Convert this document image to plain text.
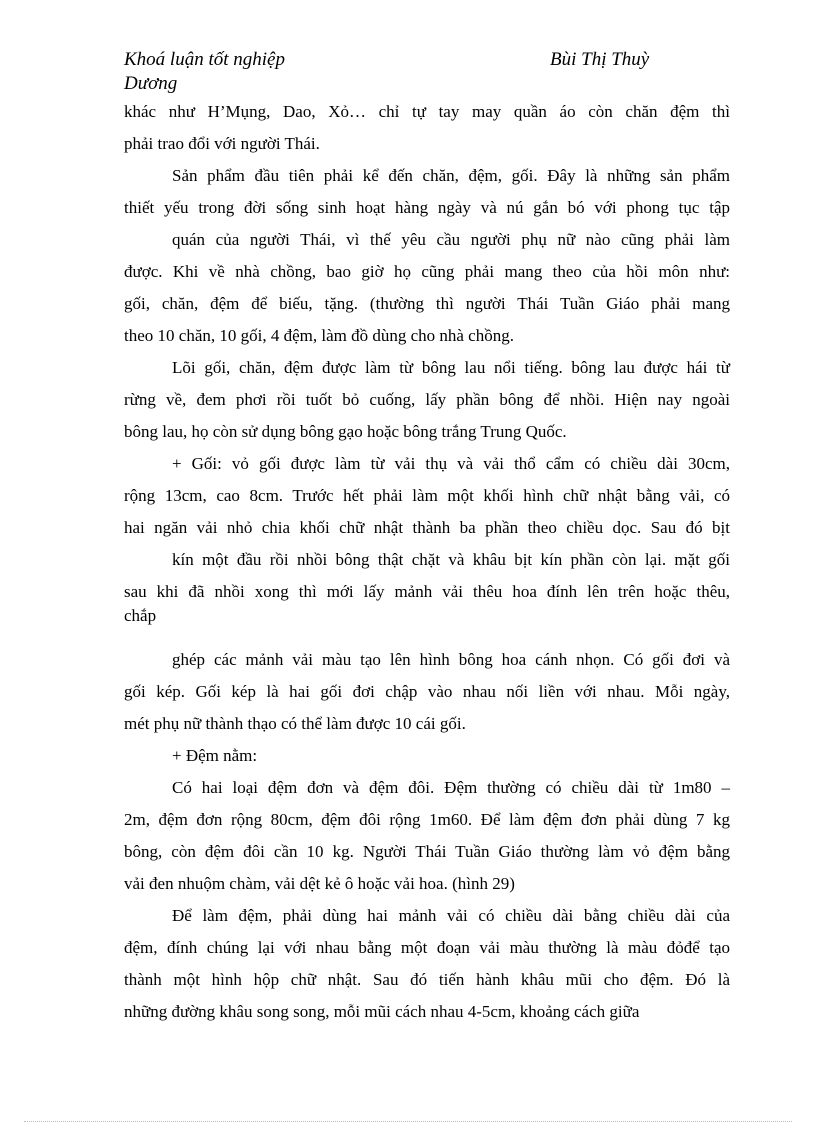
Khoá luận tốt nghiệp	Bùi Thị Thuỳ
Dương
khác như H’Mụng, Dao, Xỏ… chỉ tự tay may quần áo còn chăn đệm thì
phải trao đổi với người Thái.
Sản phẩm đầu tiên phải kể đến chăn, đệm, gối. Đây là những sản phẩm
thiết yếu trong đời sống sinh hoạt hàng ngày và nú gắn bó với phong tục tập
quán của người Thái, vì thế yêu cầu người phụ nữ nào cũng phải làm
được. Khi về nhà chồng, bao giờ họ cũng phải mang theo của hồi môn như:
gối, chăn, đệm để biếu, tặng. (thường thì người Thái Tuần Giáo phải mang
theo 10 chăn, 10 gối, 4 đệm, làm đồ dùng cho nhà chồng.
Lõi gối, chăn, đệm được làm từ bông lau nổi tiếng. bông lau được hái từ
rừng về, đem phơi rồi tuốt bỏ cuống, lấy phần bông để nhồi. Hiện nay ngoài
bông lau, họ còn sử dụng bông gạo hoặc bông trắng Trung Quốc.
+ Gối: vỏ gối được làm từ vải thụ và vải thổ cẩm có chiều dài 30cm,
rộng 13cm, cao 8cm. Trước hết phải làm một khối hình chữ nhật bằng vải, có
hai ngăn vải nhỏ chia khối chữ nhật thành ba phần theo chiều dọc. Sau đó bịt
kín một đầu rồi nhồi bông thật chặt và khâu bịt kín phần còn lại. mặt gối
sau khi đã nhồi xong thì mới lấy mảnh vải thêu hoa đính lên trên hoặc thêu,
chắp
ghép các mảnh vải màu tạo lên hình bông hoa cánh nhọn. Có gối đơi và
gối kép. Gối kép là hai gối đơi chập vào nhau nối liền với nhau. Mỗi ngày,
mét phụ nữ thành thạo có thể làm được 10 cái gối.
+ Đệm nằm:
Có hai loại đệm đơn và đệm đôi. Đệm thường có chiều dài từ 1m80 –
2m, đệm đơn rộng 80cm, đệm đôi rộng 1m60. Để làm đệm đơn phải dùng 7 kg
bông, còn đệm đôi cần 10 kg. Người Thái Tuần Giáo thường làm vỏ đệm bằng
vải đen nhuộm chàm, vải dệt kẻ ô hoặc vải hoa. (hình 29)
Để làm đệm, phải dùng hai mảnh vải có chiều dài bằng chiều dài của
đệm, đính chúng lại với nhau bằng một đoạn vải màu thường là màu đỏđể tạo
thành một hình hộp chữ nhật. Sau đó tiến hành khâu mũi cho đệm. Đó là
những đường khâu song song, mỗi mũi cách nhau 4-5cm, khoảng cách giữa
